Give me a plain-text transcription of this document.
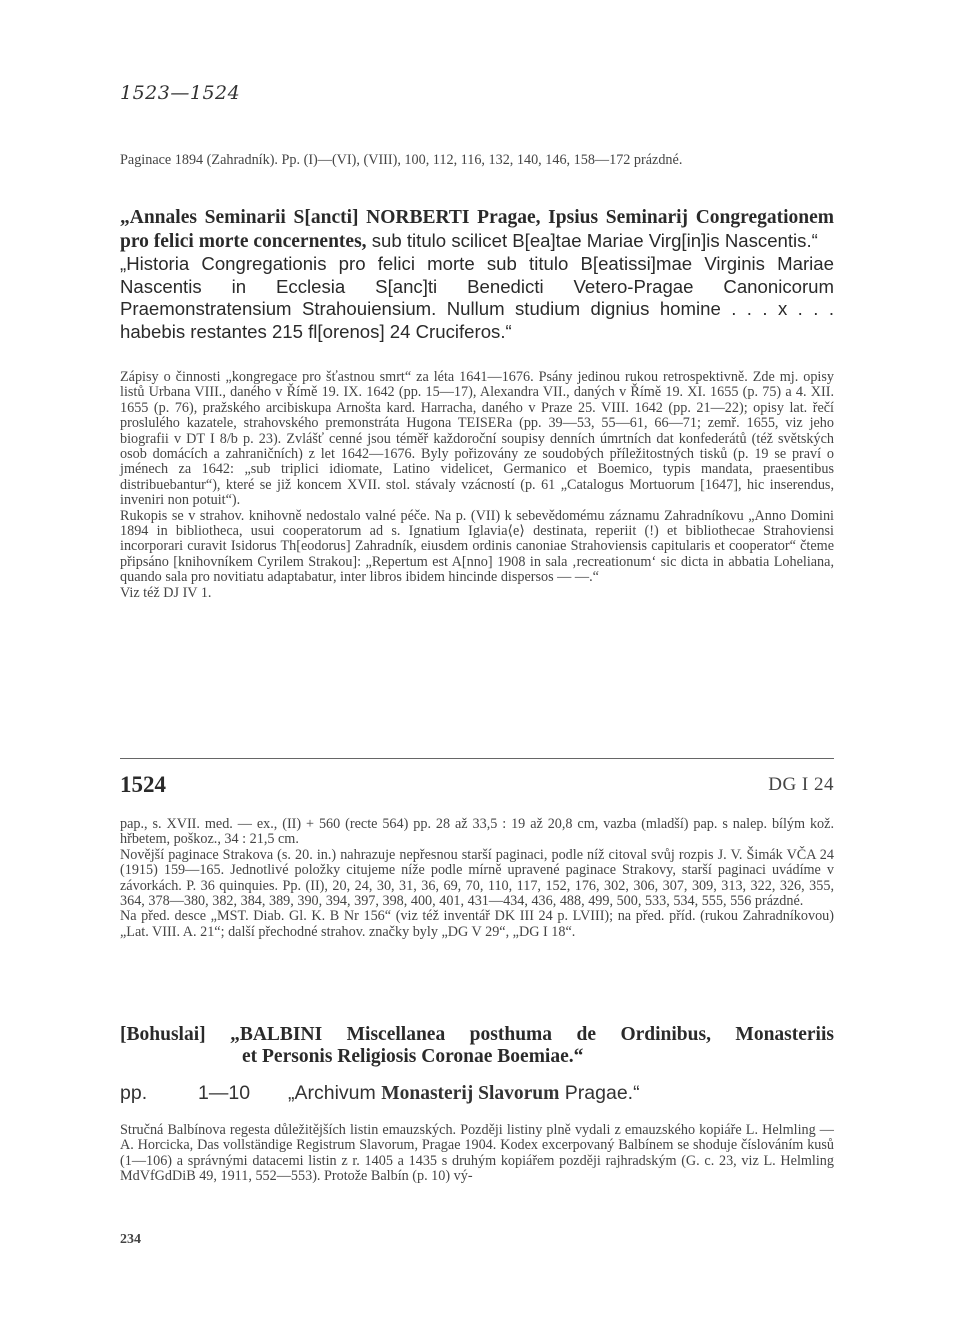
1523—1524

Paginace 1894 (Zahradník). Pp. (I)—(VI), (VIII), 100, 112, 116, 132, 140, 146, 158—172 prázdné.

„Annales Seminarii S[ancti] NORBERTI Pragae, Ipsius Seminarij Congregationem pro felici morte concernentes, sub titulo scilicet B[ea]tae Mariae Virg[in]is Nascentis.“

„Historia Congregationis pro felici morte sub titulo B[eatissi]mae Virginis Mariae Nascentis in Ecclesia S[anc]ti Benedicti Vetero-Pragae Canonicorum Praemonstratensium Strahouiensium. Nullum studium dignius homine . . . x . . . habebis restantes 215 fl[orenos] 24 Cruciferos.“

Zápisy o činnosti „kongregace pro šťastnou smrt“ za léta 1641—1676. Psány jedinou rukou retrospektivně. Zde mj. opisy listů Urbana VIII., daného v Římě 19. IX. 1642 (pp. 15—17), Alexandra VII., daných v Římě 19. XI. 1655 (p. 75) a 4. XII. 1655 (p. 76), pražského arcibiskupa Arnošta kard. Harracha, daného v Praze 25. VIII. 1642 (pp. 21—22); opisy lat. řečí proslulého kazatele, strahovského premonstráta Hugona TEISERa (pp. 39—53, 55—61, 66—71; zemř. 1655, viz jeho biografii v DT I 8/b p. 23). Zvlášť cenné jsou téměř každoroční soupisy denních úmrtních dat konfederátů (též světských osob domácích a zahraničních) z let 1642—1676. Byly pořizovány ze soudobých příležitostných tisků (p. 19 se praví o jménech za 1642: „sub triplici idiomate, Latino videlicet, Germanico et Boemico, typis mandata, praesentibus distribuebantur“), které se již koncem XVII. stol. stávaly vzácností (p. 61 „Catalogus Mortuorum [1647], hic inserendus, inveniri non potuit“).

Rukopis se v strahov. knihovně nedostalo valné péče. Na p. (VII) k sebevědomému záznamu Zahradníkovu „Anno Domini 1894 in bibliotheca, usui cooperatorum ad s. Ignatium Iglavia⟨e⟩ destinata, reperiit (!) et bibliothecae Strahoviensi incorporari curavit Isidorus Th[eodorus] Zahradník, eiusdem ordinis canoniae Strahoviensis capitularis et cooperator“ čteme připsáno [knihovníkem Cyrilem Strakou]: „Repertum est A[nno] 1908 in sala ‚recreationum‘ sic dicta in abbatia Loheliana, quando sala pro novitiatu adaptabatur, inter libros ibidem hincinde dispersos — —.“

Viz též DJ IV 1.

1524	DG I 24

pap., s. XVII. med. — ex., (II) + 560 (recte 564) pp. 28 až 33,5 : 19 až 20,8 cm, vazba (mladší) pap. s nalep. bílým kož. hřbetem, poškoz., 34 : 21,5 cm.

Novější paginace Strakova (s. 20. in.) nahrazuje nepřesnou starší paginaci, podle níž citoval svůj rozpis J. V. Šimák VČA 24 (1915) 159—165. Jednotlivé položky citujeme níže podle mírně upravené paginace Strakovy, starší paginaci uvádíme v závorkách. P. 36 quinquies. Pp. (II), 20, 24, 30, 31, 36, 69, 70, 110, 117, 152, 176, 302, 306, 307, 309, 313, 322, 326, 355, 364, 378—380, 382, 384, 389, 390, 394, 397, 398, 400, 401, 431—434, 436, 488, 499, 500, 533, 534, 555, 556 prázdné.

Na před. desce „MST. Diab. Gl. K. B Nr 156“ (viz též inventář DK III 24 p. LVIII); na před. příd. (rukou Zahradníkovou) „Lat. VIII. A. 21“; další přechodné strahov. značky byly „DG V 29“, „DG I 18“.

[Bohuslai] „BALBINI Miscellanea posthuma de Ordinibus, Monasteriis
et Personis Religiosis Coronae Boemiae.“
pp.	1—10 „Archivum Monasterij Slavorum Pragae.“

Stručná Balbínova regesta důležitějších listin emauzských. Později listiny plně vydali z emauzského kopiáře L. Helmling — A. Horcicka, Das vollständige Registrum Slavorum, Pragae 1904. Kodex excerpovaný Balbínem se shoduje číslováním kusů (1—106) a správnými datacemi listin z r. 1405 a 1435 s druhým kopiářem později rajhradským (G. c. 23, viz L. Helmling MdVfGdDiB 49, 1911, 552—553). Protože Balbín (p. 10) vý-

234
